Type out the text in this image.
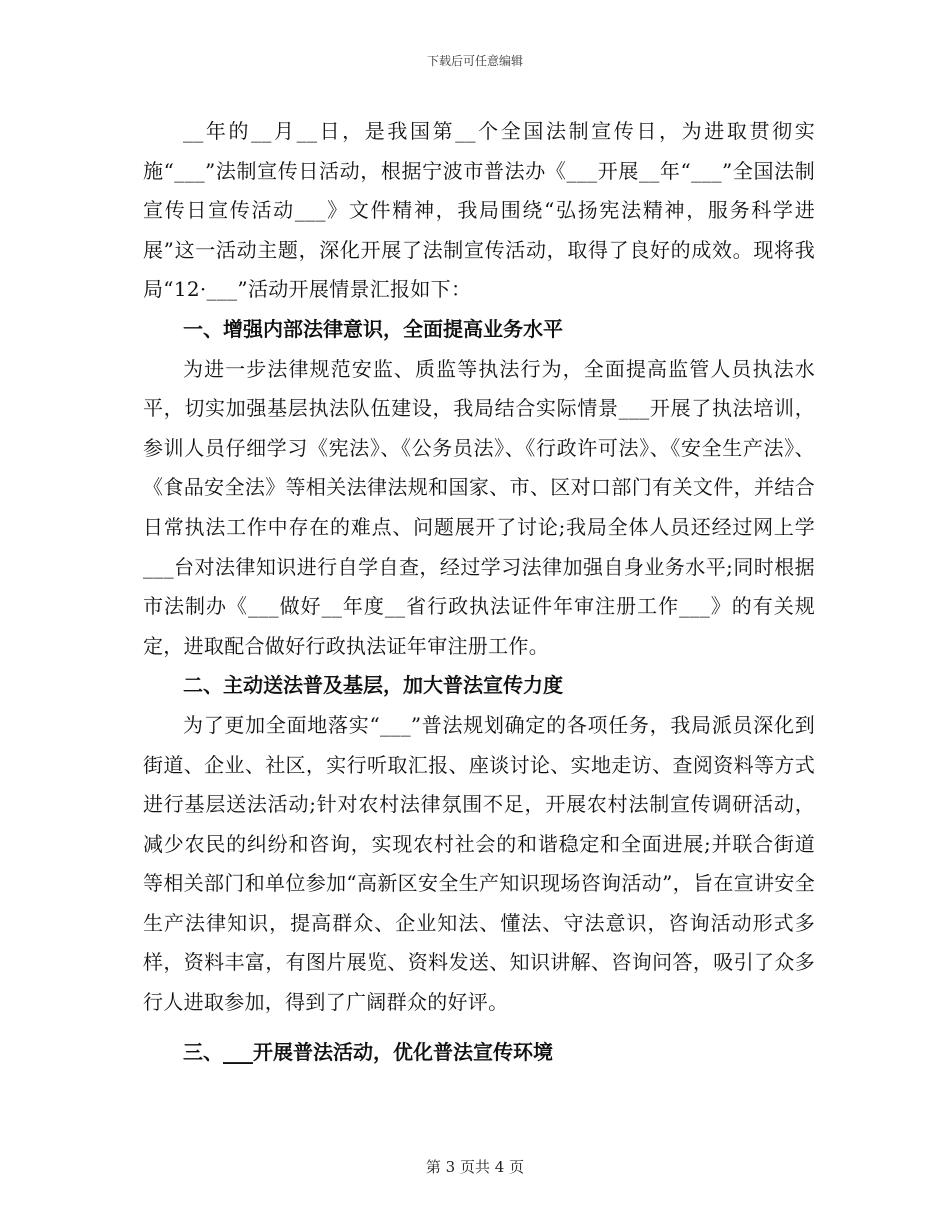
下载后可任意编辑

__年的__月__日，是我国第__个全国法制宣传日，为进取贯彻实施“___”法制宣传日活动，根据宁波市普法办《___开展__年“___”全国法制宣传日宣传活动___》文件精神，我局围绕“弘扬宪法精神，服务科学进展”这一活动主题，深化开展了法制宣传活动，取得了良好的成效。现将我局“12·___”活动开展情景汇报如下：

一、增强内部法律意识，全面提高业务水平

为进一步法律规范安监、质监等执法行为，全面提高监管人员执法水平，切实加强基层执法队伍建设，我局结合实际情景___开展了执法培训，参训人员仔细学习《宪法》、《公务员法》、《行政许可法》、《安全生产法》、《食品安全法》等相关法律法规和国家、市、区对口部门有关文件，并结合日常执法工作中存在的难点、问题展开了讨论;我局全体人员还经过网上学___台对法律知识进行自学自查，经过学习法律加强自身业务水平;同时根据市法制办《___做好__年度__省行政执法证件年审注册工作___》的有关规定，进取配合做好行政执法证年审注册工作。

二、主动送法普及基层，加大普法宣传力度

为了更加全面地落实“___”普法规划确定的各项任务，我局派员深化到街道、企业、社区，实行听取汇报、座谈讨论、实地走访、查阅资料等方式进行基层送法活动;针对农村法律氛围不足，开展农村法制宣传调研活动，减少农民的纠纷和咨询，实现农村社会的和谐稳定和全面进展;并联合街道等相关部门和单位参加“高新区安全生产知识现场咨询活动”，旨在宣讲安全生产法律知识，提高群众、企业知法、懂法、守法意识，咨询活动形式多样，资料丰富，有图片展览、资料发送、知识讲解、咨询问答，吸引了众多行人进取参加，得到了广阔群众的好评。

三、___开展普法活动，优化普法宣传环境

第 3 页共 4 页
